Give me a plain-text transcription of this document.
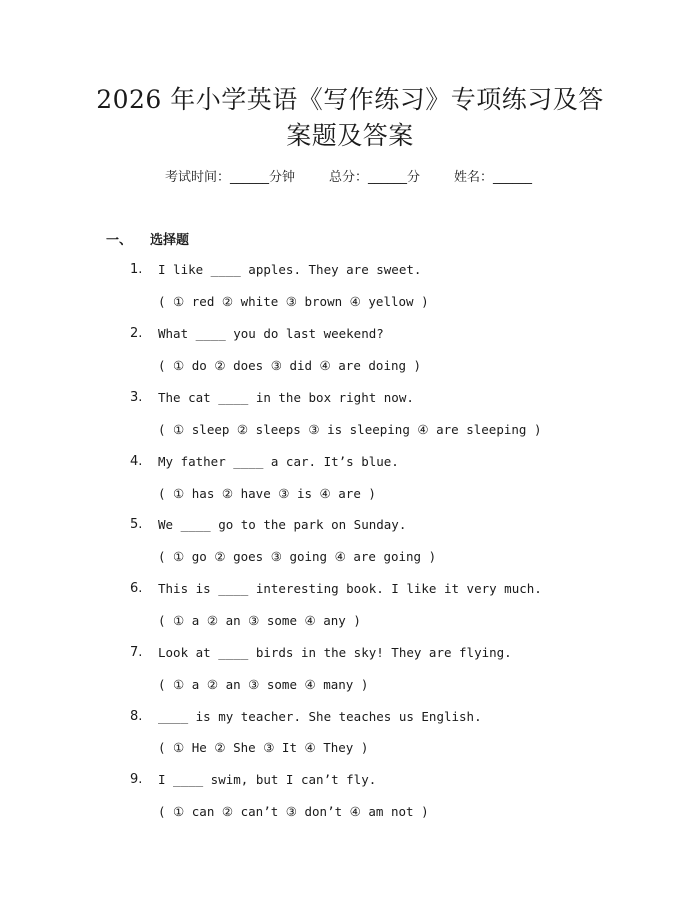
2026 年小学英语《写作练习》专项练习及答
案题及答案
考试时间：______分钟	总分：______分	姓名：______
一、 选择题
1. I like ____ apples. They are sweet.
( ① red ② white ③ brown ④ yellow )
2. What ____ you do last weekend?
( ① do ② does ③ did ④ are doing )
3. The cat ____ in the box right now.
( ① sleep ② sleeps ③ is sleeping ④ are sleeping )
4. My father ____ a car. It’s blue.
( ① has ② have ③ is ④ are )
5. We ____ go to the park on Sunday.
( ① go ② goes ③ going ④ are going )
6. This is ____ interesting book. I like it very much.
( ① a ② an ③ some ④ any )
7. Look at ____ birds in the sky! They are flying.
( ① a ② an ③ some ④ many )
8. ____ is my teacher. She teaches us English.
( ① He ② She ③ It ④ They )
9. I ____ swim, but I can’t fly.
( ① can ② can’t ③ don’t ④ am not )
